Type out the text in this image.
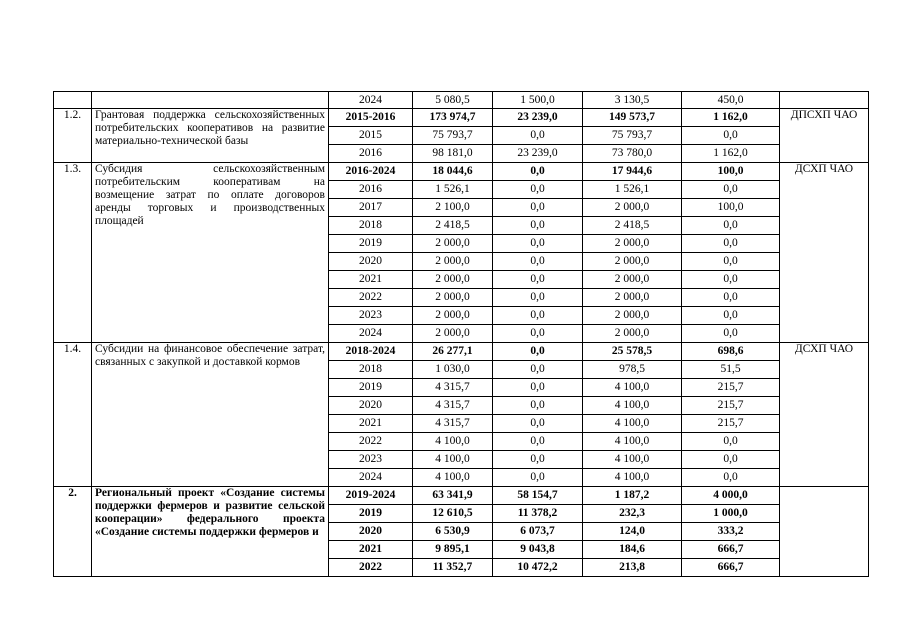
		2024	5 080,5	1 500,0	3 130,5	450,0	
1.2.	Грантовая поддержка сельскохозяйственных потребительских кооперативов на развитие материально-технической базы	2015-2016	173 974,7	23 239,0	149 573,7	1 162,0	ДПСХП ЧАО
		2015	75 793,7	0,0	75 793,7	0,0	
		2016	98 181,0	23 239,0	73 780,0	1 162,0	
1.3.	Субсидия сельскохозяйственным потребительским кооперативам на возмещение затрат по оплате договоров аренды торговых и производственных площадей	2016-2024	18 044,6	0,0	17 944,6	100,0	ДСХП ЧАО
		2016	1 526,1	0,0	1 526,1	0,0	
		2017	2 100,0	0,0	2 000,0	100,0	
		2018	2 418,5	0,0	2 418,5	0,0	
		2019	2 000,0	0,0	2 000,0	0,0	
		2020	2 000,0	0,0	2 000,0	0,0	
		2021	2 000,0	0,0	2 000,0	0,0	
		2022	2 000,0	0,0	2 000,0	0,0	
		2023	2 000,0	0,0	2 000,0	0,0	
		2024	2 000,0	0,0	2 000,0	0,0	
1.4.	Субсидии на финансовое обеспечение затрат, связанных с закупкой и доставкой кормов	2018-2024	26 277,1	0,0	25 578,5	698,6	ДСХП ЧАО
		2018	1 030,0	0,0	978,5	51,5	
		2019	4 315,7	0,0	4 100,0	215,7	
		2020	4 315,7	0,0	4 100,0	215,7	
		2021	4 315,7	0,0	4 100,0	215,7	
		2022	4 100,0	0,0	4 100,0	0,0	
		2023	4 100,0	0,0	4 100,0	0,0	
		2024	4 100,0	0,0	4 100,0	0,0	
2.	Региональный проект «Создание системы поддержки фермеров и развитие сельской кооперации» федерального проекта «Создание системы поддержки фермеров и	2019-2024	63 341,9	58 154,7	1 187,2	4 000,0	
		2019	12 610,5	11 378,2	232,3	1 000,0	
		2020	6 530,9	6 073,7	124,0	333,2	
		2021	9 895,1	9 043,8	184,6	666,7	
		2022	11 352,7	10 472,2	213,8	666,7	
